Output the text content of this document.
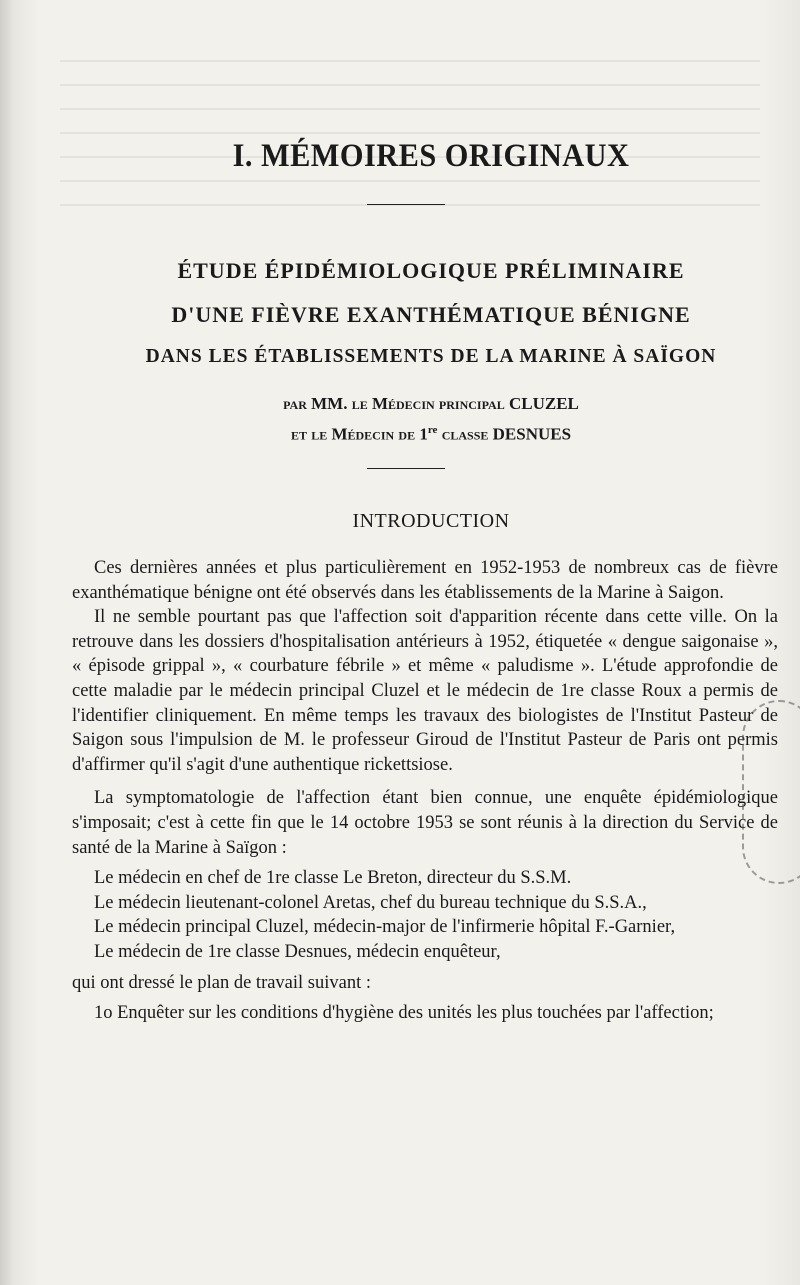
I. MÉMOIRES ORIGINAUX
ÉTUDE ÉPIDÉMIOLOGIQUE PRÉLIMINAIRE
D'UNE FIÈVRE EXANTHÉMATIQUE BÉNIGNE
DANS LES ÉTABLISSEMENTS DE LA MARINE À SAÏGON
par MM. le Médecin principal CLUZEL
et le Médecin de 1re classe DESNUES
INTRODUCTION

Ces dernières années et plus particulièrement en 1952-1953 de nombreux cas de fièvre exanthématique bénigne ont été observés dans les établissements de la Marine à Saigon.

Il ne semble pourtant pas que l'affection soit d'apparition récente dans cette ville. On la retrouve dans les dossiers d'hospitalisation antérieurs à 1952, étiquetée « dengue saigonaise », « épisode grippal », « courbature fébrile » et même « paludisme ». L'étude approfondie de cette maladie par le médecin principal Cluzel et le médecin de 1re classe Roux a permis de l'identifier cliniquement. En même temps les travaux des biologistes de l'Institut Pasteur de Saigon sous l'impulsion de M. le professeur Giroud de l'Institut Pasteur de Paris ont permis d'affirmer qu'il s'agit d'une authentique rickettsiose.

La symptomatologie de l'affection étant bien connue, une enquête épidémiologique s'imposait; c'est à cette fin que le 14 octobre 1953 se sont réunis à la direction du Service de santé de la Marine à Saïgon :

Le médecin en chef de 1re classe Le Breton, directeur du S.S.M.

Le médecin lieutenant-colonel Aretas, chef du bureau technique du S.S.A.,

Le médecin principal Cluzel, médecin-major de l'infirmerie hôpital F.-Garnier,

Le médecin de 1re classe Desnues, médecin enquêteur,

qui ont dressé le plan de travail suivant :

1o Enquêter sur les conditions d'hygiène des unités les plus touchées par l'affection;
